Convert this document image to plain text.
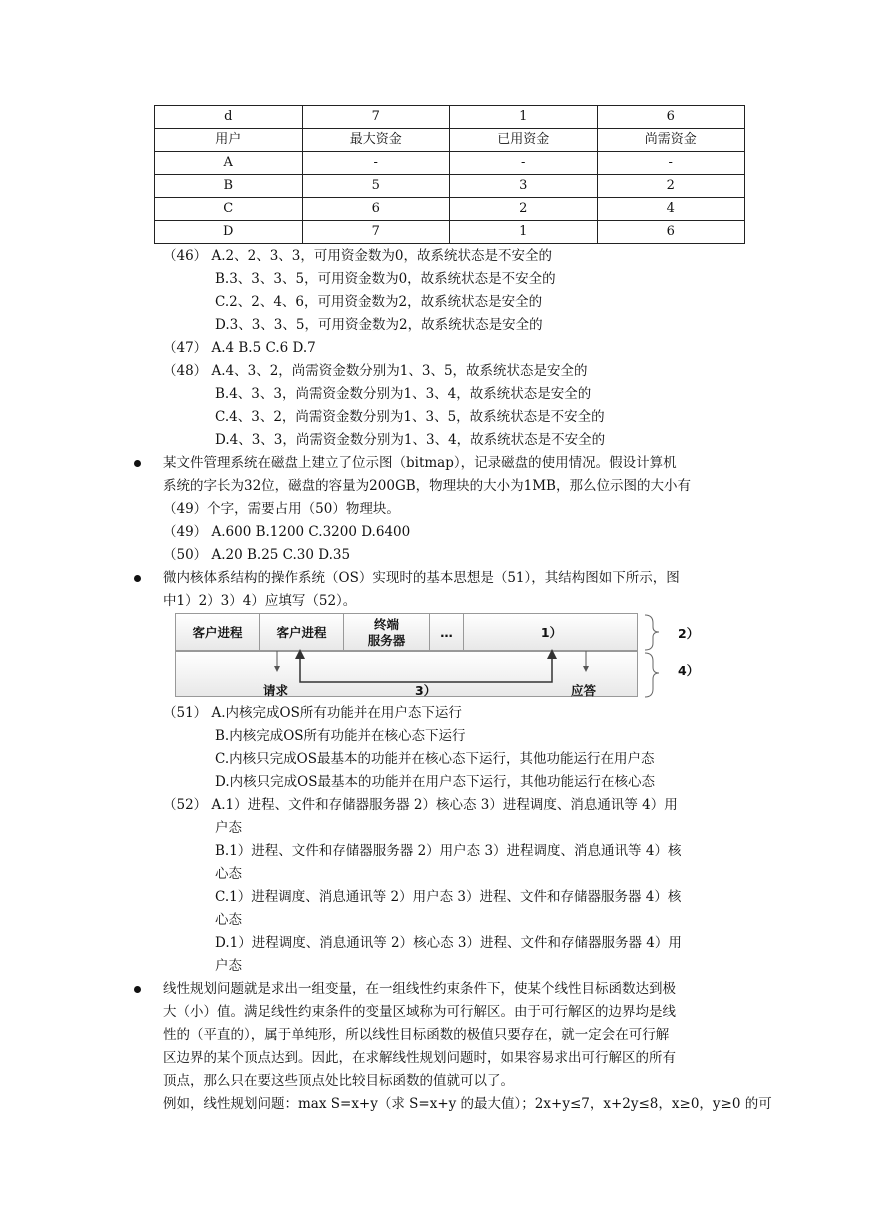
d	7	1	6
用户	最大资金	已用资金	尚需资金
A	-	-	-
B	5	3	2
C	6	2	4
D	7	1	6
（46） A.2、2、3、3，可用资金数为0，故系统状态是不安全的
B.3、3、3、5，可用资金数为0，故系统状态是不安全的
C.2、2、4、6，可用资金数为2，故系统状态是安全的
D.3、3、3、5，可用资金数为2，故系统状态是安全的
（47） A.4 B.5 C.6 D.7
（48） A.4、3、2，尚需资金数分别为1、3、5，故系统状态是安全的
B.4、3、3，尚需资金数分别为1、3、4，故系统状态是安全的
C.4、3、2，尚需资金数分别为1、3、5，故系统状态是不安全的
D.4、3、3，尚需资金数分别为1、3、4，故系统状态是不安全的
某文件管理系统在磁盘上建立了位示图（bitmap），记录磁盘的使用情况。假设计算机
系统的字长为32位，磁盘的容量为200GB，物理块的大小为1MB，那么位示图的大小有
（49）个字，需要占用（50）物理块。
（49） A.600 B.1200 C.3200 D.6400
（50） A.20 B.25 C.30 D.35
微内核体系结构的操作系统（OS）实现时的基本思想是（51），其结构图如下所示，图
中1）2）3）4）应填写（52）。
客户进程	客户进程
终端
服务器
…	1）	2）
4）
请求	3）	应答
（51） A.内核完成OS所有功能并在用户态下运行
B.内核完成OS所有功能并在核心态下运行
C.内核只完成OS最基本的功能并在核心态下运行，其他功能运行在用户态
D.内核只完成OS最基本的功能并在用户态下运行，其他功能运行在核心态
（52） A.1）进程、文件和存储器服务器 2）核心态 3）进程调度、消息通讯等 4）用
户态
B.1）进程、文件和存储器服务器 2）用户态 3）进程调度、消息通讯等 4）核
心态
C.1）进程调度、消息通讯等 2）用户态 3）进程、文件和存储器服务器 4）核
心态
D.1）进程调度、消息通讯等 2）核心态 3）进程、文件和存储器服务器 4）用
户态
线性规划问题就是求出一组变量，在一组线性约束条件下，使某个线性目标函数达到极
大（小）值。满足线性约束条件的变量区域称为可行解区。由于可行解区的边界均是线
性的（平直的），属于单纯形，所以线性目标函数的极值只要存在，就一定会在可行解
区边界的某个顶点达到。因此，在求解线性规划问题时，如果容易求出可行解区的所有
顶点，那么只在要这些顶点处比较目标函数的值就可以了。
例如，线性规划问题：max S=x+y（求 S=x+y 的最大值）；2x+y≤7，x+2y≤8，x≥0，y≥0 的可
